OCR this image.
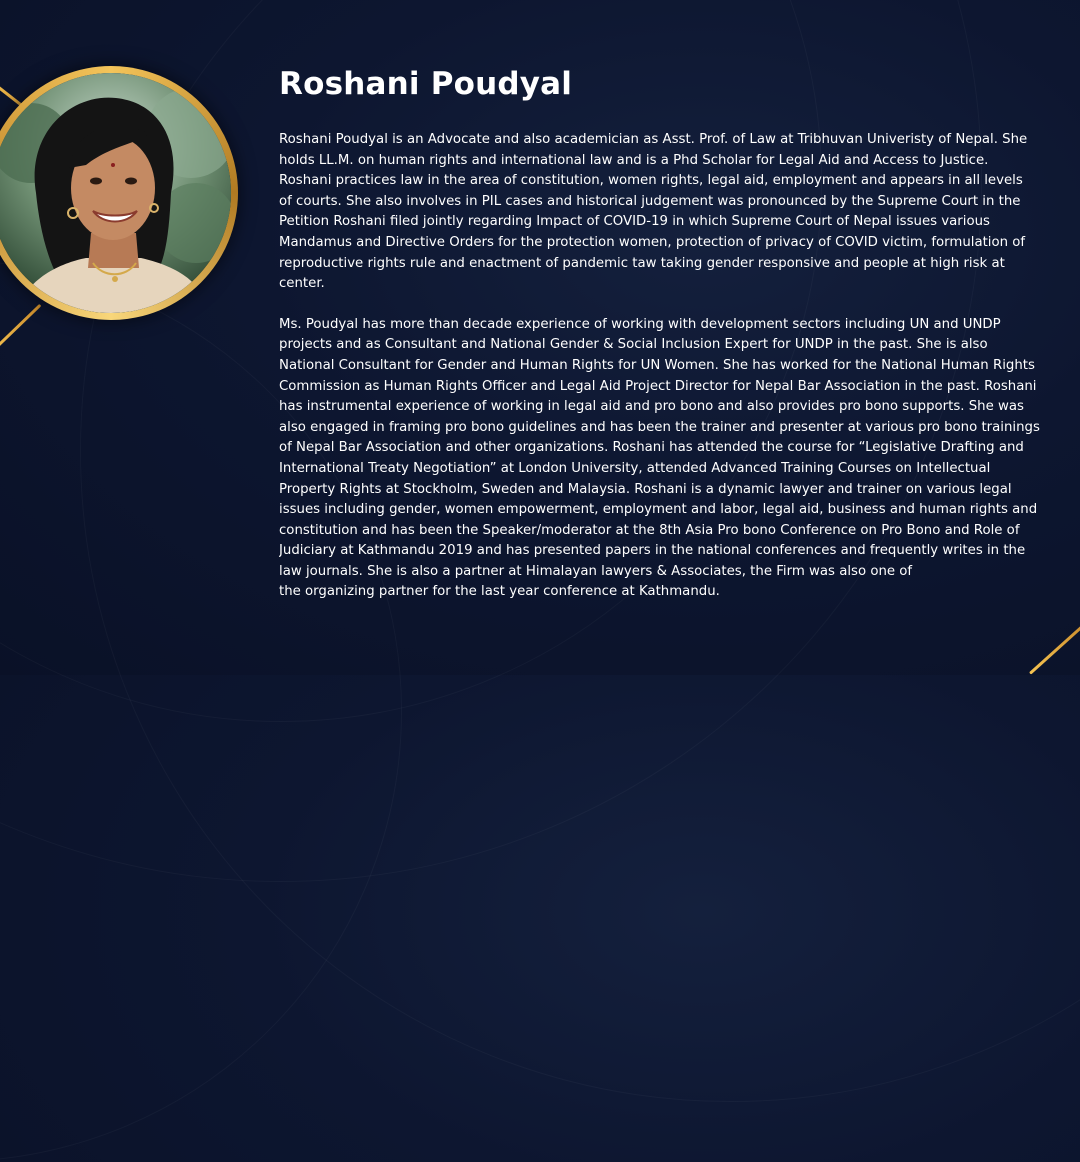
Roshani Poudyal

Roshani Poudyal is an Advocate and also academician as Asst. Prof. of Law at Tribhuvan Univeristy of Nepal. She
holds LL.M. on human rights and international law and is a Phd Scholar for Legal Aid and Access to Justice.
Roshani practices law in the area of constitution, women rights, legal aid, employment and appears in all levels
of courts. She also involves in PIL cases and historical judgement was pronounced by the Supreme Court in the
Petition Roshani filed jointly regarding Impact of COVID-19 in which Supreme Court of Nepal issues various
Mandamus and Directive Orders for the protection women, protection of privacy of COVID victim, formulation of
reproductive rights rule and enactment of pandemic taw taking gender responsive and people at high risk at
center.

Ms. Poudyal has more than decade experience of working with development sectors including UN and UNDP
projects and as Consultant and National Gender & Social Inclusion Expert for UNDP in the past. She is also
National Consultant for Gender and Human Rights for UN Women. She has worked for the National Human Rights
Commission as Human Rights Officer and Legal Aid Project Director for Nepal Bar Association in the past. Roshani
has instrumental experience of working in legal aid and pro bono and also provides pro bono supports. She was
also engaged in framing pro bono guidelines and has been the trainer and presenter at various pro bono trainings
of Nepal Bar Association and other organizations. Roshani has attended the course for “Legislative Drafting and
International Treaty Negotiation” at London University, attended Advanced Training Courses on Intellectual
Property Rights at Stockholm, Sweden and Malaysia. Roshani is a dynamic lawyer and trainer on various legal
issues including gender, women empowerment, employment and labor, legal aid, business and human rights and
constitution and has been the Speaker/moderator at the 8th Asia Pro bono Conference on Pro Bono and Role of
Judiciary at Kathmandu 2019 and has presented papers in the national conferences and frequently writes in the
law journals. She is also a partner at Himalayan lawyers & Associates, the Firm was also one of
the organizing partner for the last year conference at Kathmandu.
